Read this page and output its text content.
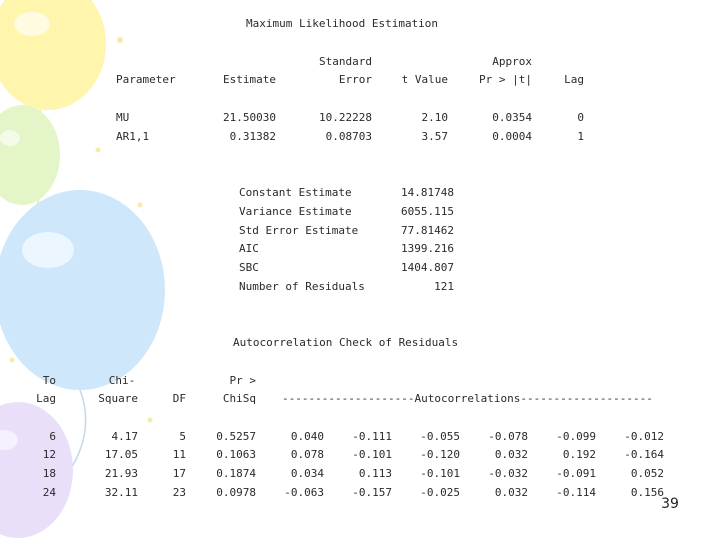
Maximum Likelihood Estimation
Standard	Approx
Parameter	Estimate	Error	t Value	Pr > |t|	Lag
MU	21.50030	10.22228	2.10	0.0354	0
AR1,1	0.31382	0.08703	3.57	0.0004	1
Constant Estimate	14.81748
Variance Estimate	6055.115
Std Error Estimate	77.81462
AIC	1399.216
SBC	1404.807
Number of Residuals	121
Autocorrelation Check of Residuals
To	Chi-	Pr >
Lag	Square	DF	ChiSq --------------------Autocorrelations--------------------
6	4.17	5	0.5257	0.040	-0.111	-0.055	-0.078	-0.099	-0.012
12	17.05	11	0.1063	0.078	-0.101	-0.120	0.032	0.192	-0.164
18	21.93	17	0.1874	0.034	0.113	-0.101	-0.032	-0.091	0.052
24	32.11	23	0.0978	-0.063	-0.157	-0.025	0.032	-0.114	0.156
39
